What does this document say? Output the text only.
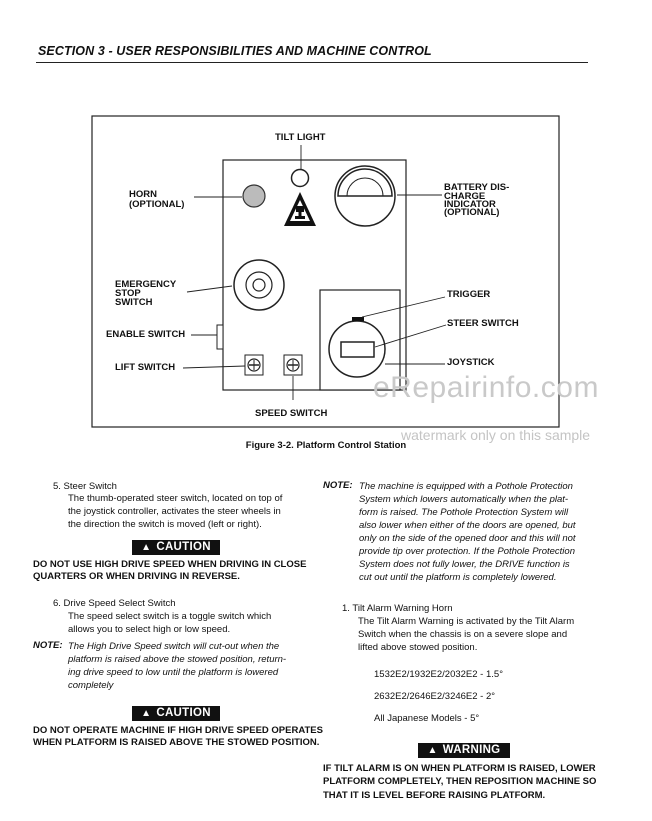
SECTION 3 - USER RESPONSIBILITIES AND MACHINE CONTROL
TILT LIGHT
HORN
(OPTIONAL)
BATTERY DIS-
CHARGE
INDICATOR
(OPTIONAL)
EMERGENCY
STOP
SWITCH
ENABLE SWITCH
LIFT SWITCH
SPEED SWITCH
TRIGGER
STEER SWITCH
JOYSTICK
eRepairinfo.com
watermark only on this sample
Figure 3-2. Platform Control Station
5. Steer Switch
The thumb-operated steer switch, located on top of
the joystick controller, activates the steer wheels in
the direction the switch is moved (left or right).
▲ CAUTION
DO NOT USE HIGH DRIVE SPEED WHEN DRIVING IN CLOSE
QUARTERS OR WHEN DRIVING IN REVERSE.
6. Drive Speed Select Switch
The speed select switch is a toggle switch which
allows you to select high or low speed.
NOTE: The High Drive Speed switch will cut-out when the
platform is raised above the stowed position, return-
ing drive speed to low until the platform is lowered
completely
▲ CAUTION
DO NOT OPERATE MACHINE IF HIGH DRIVE SPEED OPERATES
WHEN PLATFORM IS RAISED ABOVE THE STOWED POSITION.
NOTE: The machine is equipped with a Pothole Protection
System which lowers automatically when the plat-
form is raised. The Pothole Protection System will
also lower when either of the doors are opened, but
only on the side of the opened door and this will not
provide tip over protection. If the Pothole Protection
System does not fully lower, the DRIVE function is
cut out until the platform is completely lowered.
1. Tilt Alarm Warning Horn
The Tilt Alarm Warning is activated by the Tilt Alarm
Switch when the chassis is on a severe slope and
lifted above stowed position.
1532E2/1932E2/2032E2 - 1.5°
2632E2/2646E2/3246E2 - 2°
All Japanese Models - 5°
▲ WARNING
IF TILT ALARM IS ON WHEN PLATFORM IS RAISED, LOWER
PLATFORM COMPLETELY, THEN REPOSITION MACHINE SO
THAT IT IS LEVEL BEFORE RAISING PLATFORM.
